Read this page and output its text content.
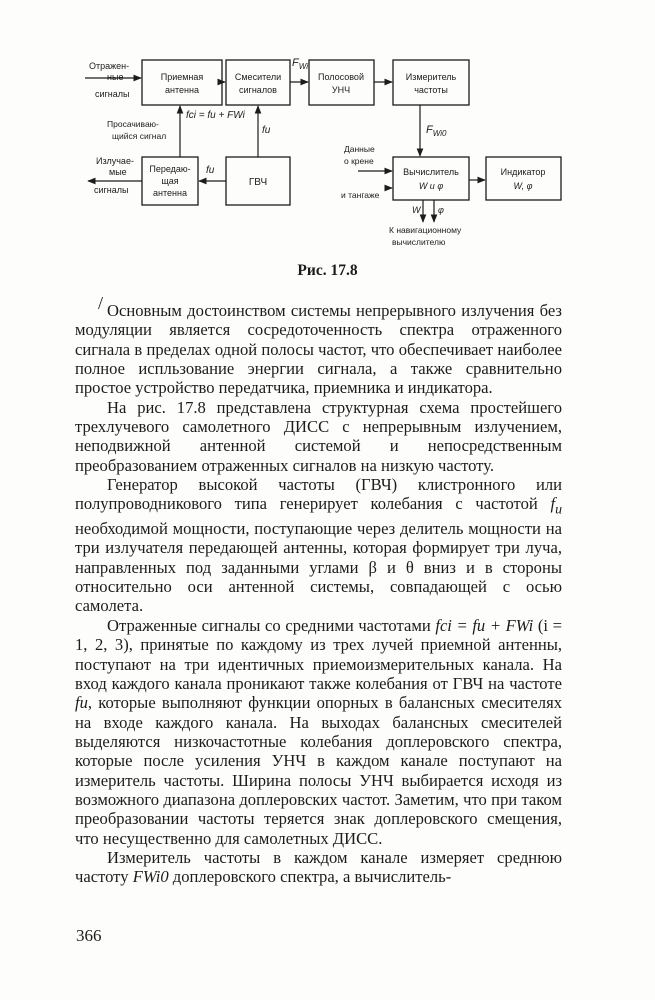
Приемная
антенна
Смесители
сигналов
Полосовой
УНЧ
Измеритель
частоты
Передаю-
щая
антенна
ГВЧ
Вычислитель
W и φ
Индикатор
W, φ
Отражен-
ные
сигналы
Излучае-
мые
сигналы
Просачиваю-
щийся сигнал
Данные
о крене
и тангаже
К навигационному
вычислителю
$F_{Wi}$
fci = fи + FWi
fи
fи
$F_{Wi0}$
W φ
Рис. 17.8
/ Основным достоинством системы непрерывного излучения без модуляции является сосредоточенность спектра отраженного сигнала в пределах одной полосы частот, что обеспечивает наиболее полное испльзование энергии сигнала, а также сравнительно простое устройство передатчика, приемника и индикатора.

На рис. 17.8 представлена структурная схема простейшего трехлучевого самолетного ДИСС с непрерывным излучением, неподвижной антенной системой и непосредственным преобразованием отраженных сигналов на низкую частоту.

Генератор высокой частоты (ГВЧ) клистронного или полупроводникового типа генерирует колебания с частотой $f_и$ необходимой мощности, поступающие через делитель мощности на три излучателя передающей антенны, которая формирует три луча, направленных под заданными углами β и θ вниз и в стороны относительно оси антенной системы, совпадающей с осью самолета.

Отраженные сигналы со средними частотами fci = fи + FWi (i = 1, 2, 3), принятые по каждому из трех лучей приемной антенны, поступают на три идентичных приемоизмерительных канала. На вход каждого канала проникают также колебания от ГВЧ на частоте fи, которые выполняют функции опорных в балансных смесителях на входе каждого канала. На выходах балансных смесителей выделяются низкочастотные колебания доплеровского спектра, которые после усиления УНЧ в каждом канале поступают на измеритель частоты. Ширина полосы УНЧ выбирается исходя из возможного диапазона доплеровских частот. Заметим, что при таком преобразовании частоты теряется знак доплеровского смещения, что несущественно для самолетных ДИСС.

Измеритель частоты в каждом канале измеряет среднюю частоту FWi0 доплеровского спектра, а вычислитель-

366
